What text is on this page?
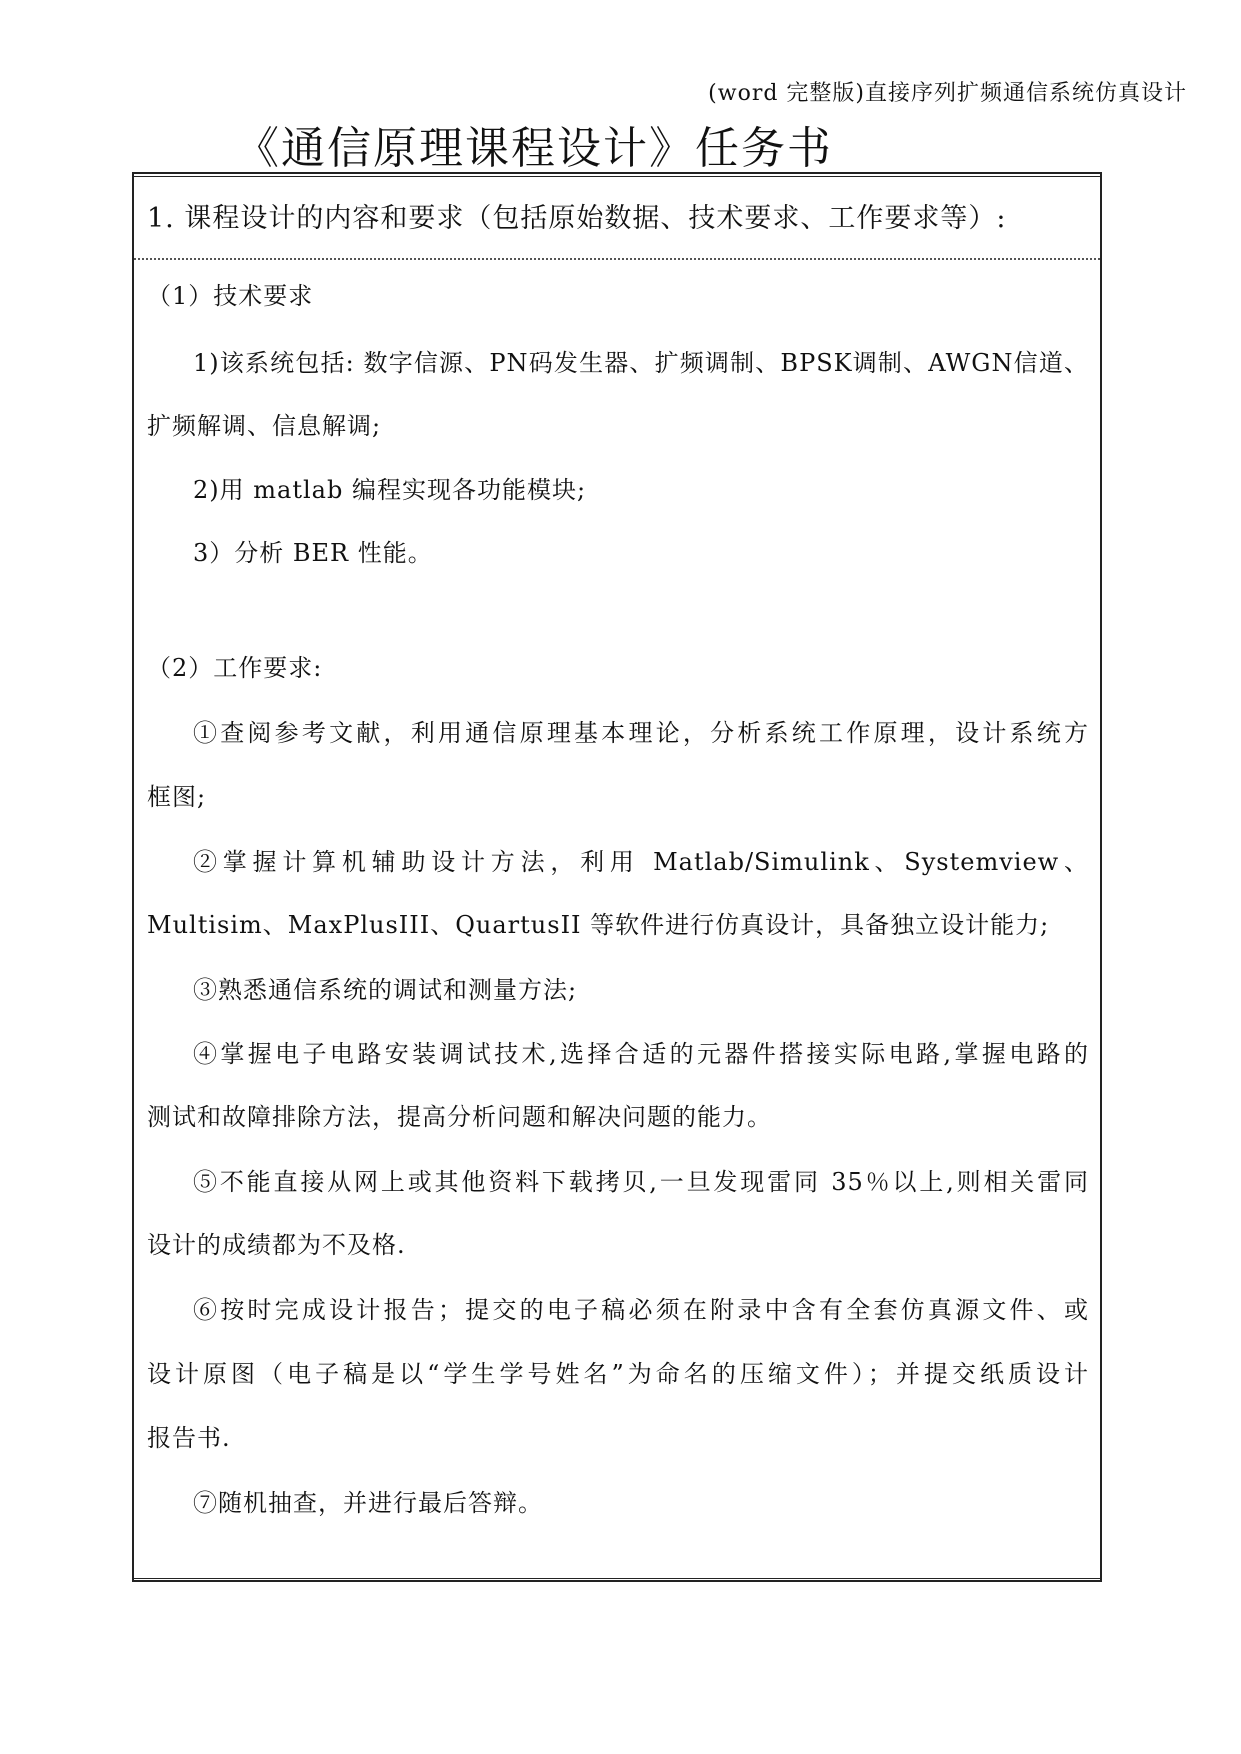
(word 完整版)直接序列扩频通信系统仿真设计
《通信原理课程设计》任务书
1. 课程设计的内容和要求（包括原始数据、技术要求、工作要求等）:
（1）技术要求
1)该系统包括: 数字信源、PN码发生器、扩频调制、BPSK调制、AWGN信道、
扩频解调、信息解调;
2)用 matlab 编程实现各功能模块;
3）分析 BER 性能。
（2）工作要求:
①查阅参考文献，利用通信原理基本理论，分析系统工作原理，设计系统方
框图;
②掌握计算机辅助设计方法，利用 Matlab/Simulink、Systemview、
Multisim、MaxPlusIII、QuartusII 等软件进行仿真设计，具备独立设计能力;
③熟悉通信系统的调试和测量方法;
④掌握电子电路安装调试技术,选择合适的元器件搭接实际电路,掌握电路的
测试和故障排除方法，提高分析问题和解决问题的能力。
⑤不能直接从网上或其他资料下载拷贝,一旦发现雷同 35％以上,则相关雷同
设计的成绩都为不及格.
⑥按时完成设计报告；提交的电子稿必须在附录中含有全套仿真源文件、或
设计原图（电子稿是以“学生学号姓名”为命名的压缩文件）；并提交纸质设计
报告书.
⑦随机抽查，并进行最后答辩。
